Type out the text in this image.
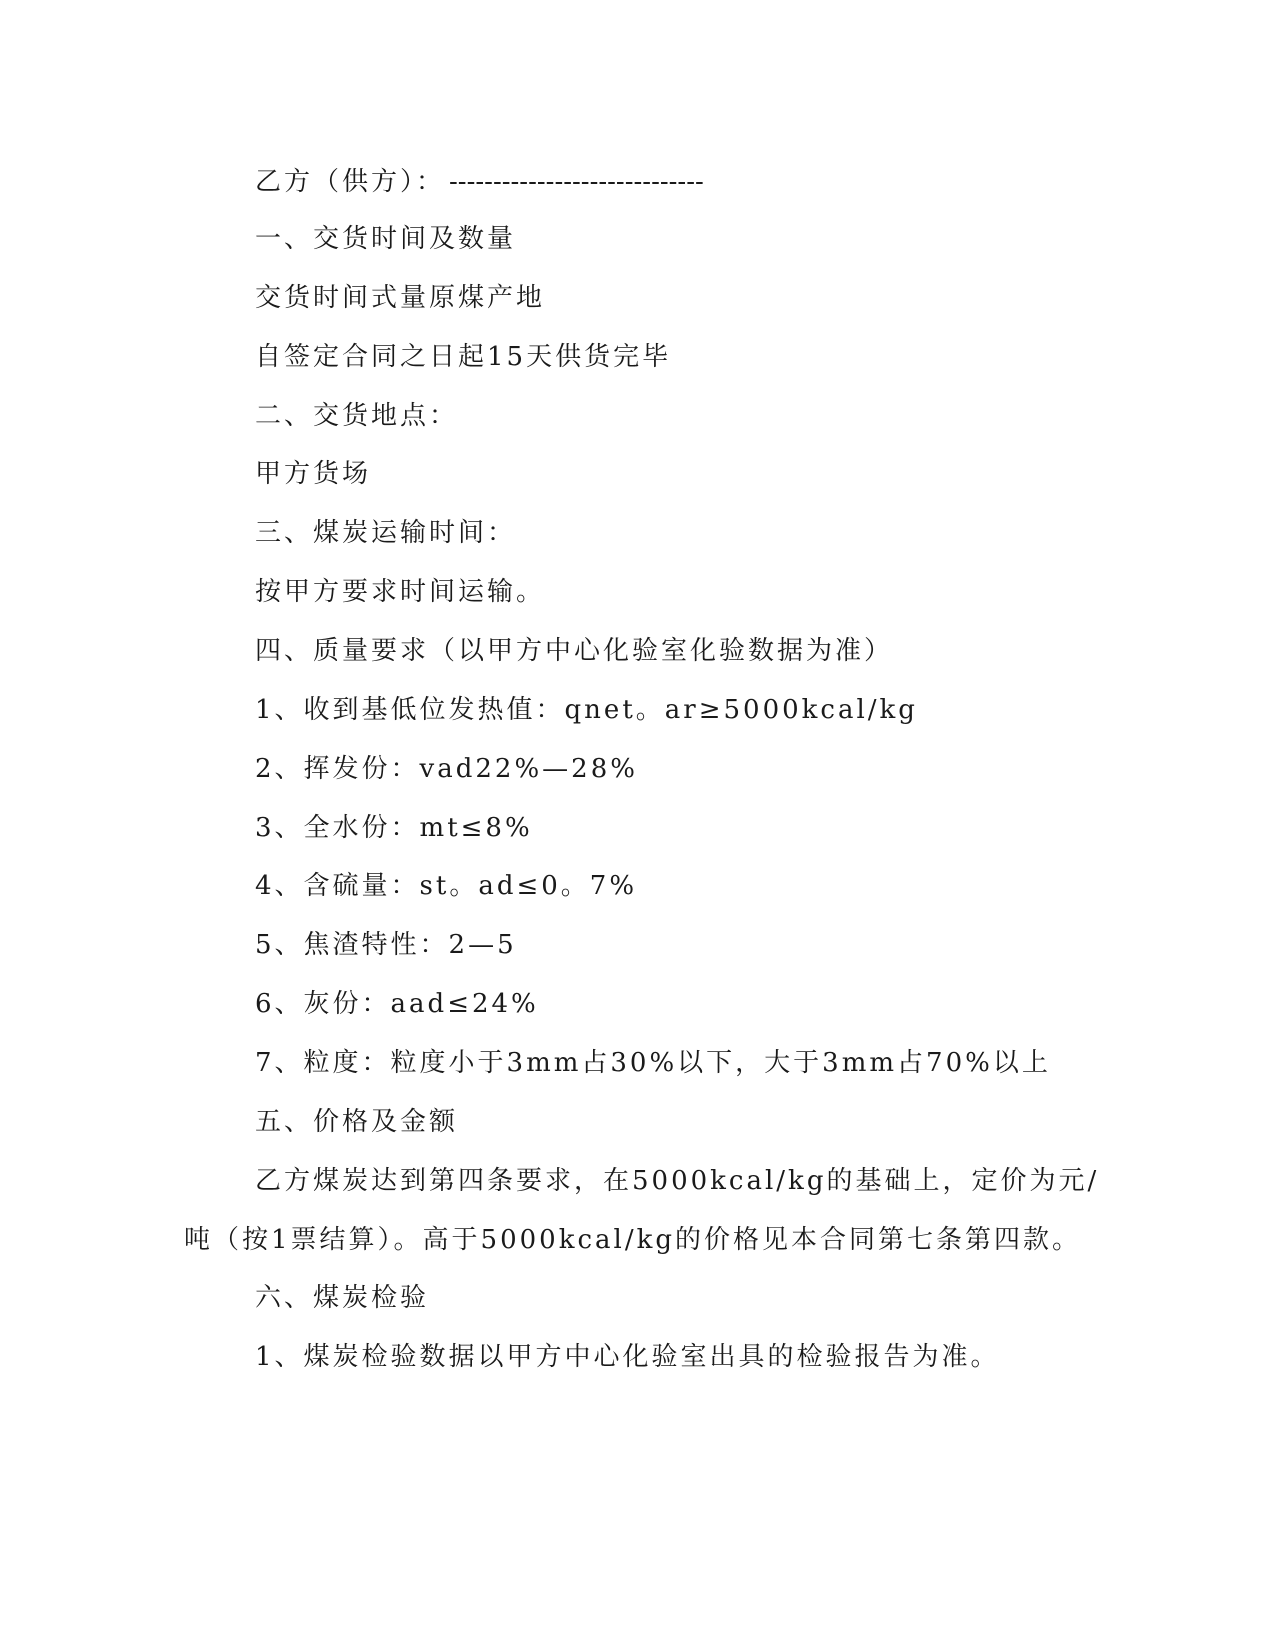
乙方（供方）： -----------------------------
一、交货时间及数量
交货时间式量原煤产地
自签定合同之日起15天供货完毕
二、交货地点：
甲方货场
三、煤炭运输时间：
按甲方要求时间运输。
四、质量要求（以甲方中心化验室化验数据为准）
1、收到基低位发热值：qnet。ar≥5000kcal/kg
2、挥发份：vad22%—28%
3、全水份：mt≤8%
4、含硫量：st。ad≤0。7%
5、焦渣特性：2—5
6、灰份：aad≤24%
7、粒度：粒度小于3mm占30%以下，大于3mm占70%以上
五、价格及金额
乙方煤炭达到第四条要求，在5000kcal/kg的基础上，定价为元/
吨（按1票结算）。高于5000kcal/kg的价格见本合同第七条第四款。
六、煤炭检验
1、煤炭检验数据以甲方中心化验室出具的检验报告为准。
